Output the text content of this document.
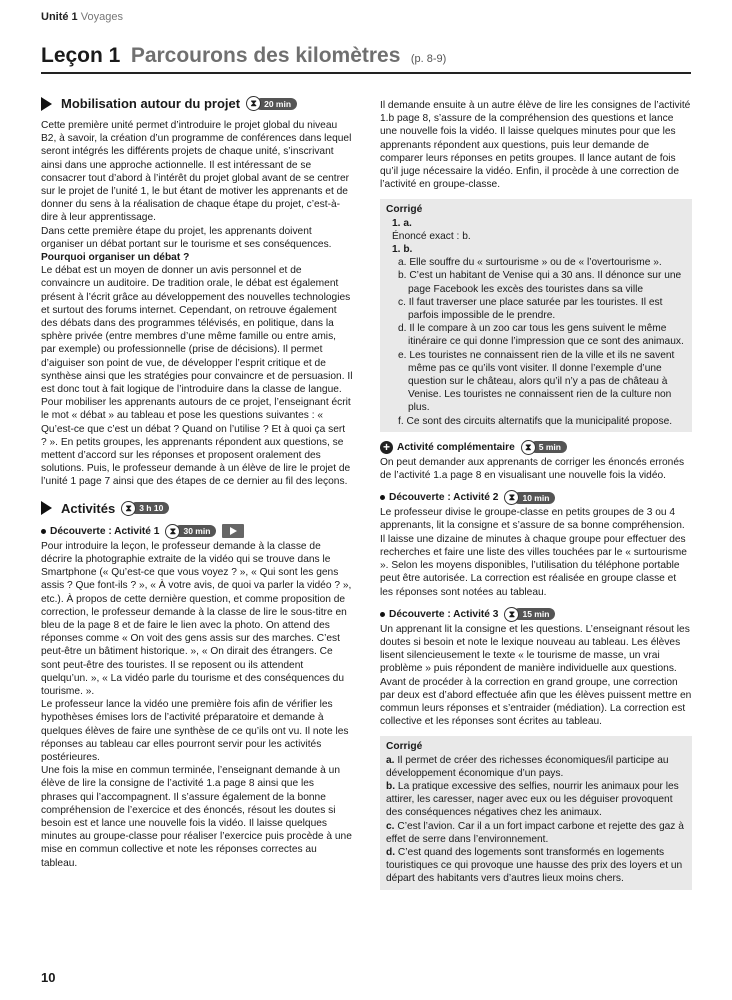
Unité 1 Voyages
Leçon 1 Parcourons des kilomètres (p. 8-9)
Mobilisation autour du projet	⧗ 20 min

Cette première unité permet d’introduire le projet global du niveau B2, à savoir, la création d’un programme de conférences dans lequel seront intégrés les différents projets de chaque unité, s’inscrivant ainsi dans une approche actionnelle. Il est intéressant de se consacrer tout d’abord à l’intérêt du projet global avant de se centrer sur le projet de l’unité 1, le but étant de motiver les apprenants et de donner du sens à la réalisation de chaque étape du projet, c’est-à-dire à leur apprentissage.

Dans cette première étape du projet, les apprenants doivent organiser un débat portant sur le tourisme et ses conséquences.

Pourquoi organiser un débat ?

Le débat est un moyen de donner un avis personnel et de convaincre un auditoire. De tradition orale, le débat est également présent à l’écrit grâce au développement des nouvelles technologies et surtout des forums internet. Cependant, on retrouve également des débats dans des programmes télévisés, en politique, dans la sphère privée (entre membres d’une même famille ou entre amis, par exemple) ou professionnelle (prise de décisions). Il permet d’aiguiser son point de vue, de développer l’esprit critique et de synthèse ainsi que les stratégies pour convaincre et de persuasion. Il est donc tout à fait logique de l’introduire dans la classe de langue.

Pour mobiliser les apprenants autours de ce projet, l’enseignant écrit le mot « débat » au tableau et pose les questions suivantes : « Qu’est-ce que c’est un débat ? Quand on l’utilise ? Et à quoi ça sert ? ». En petits groupes, les apprenants répondent aux questions, se mettent d’accord sur les réponses et proposent oralement des solutions. Puis, le professeur demande à un élève de lire le projet de l’unité 1 page 7 ainsi que des étapes de ce dernier au fil des leçons.

Activités	⧗ 3 h 10
Découverte : Activité 1	⧗ 30 min

Pour introduire la leçon, le professeur demande à la classe de décrire la photographie extraite de la vidéo qui se trouve dans le Smartphone (« Qu’est-ce que vous voyez ? », « Qui sont les gens assis ? Que font-ils ? », « À votre avis, de quoi va parler la vidéo ? », etc.). À propos de cette dernière question, et comme proposition de correction, le professeur demande à la classe de lire le sous-titre en bleu de la page 8 et de faire le lien avec la photo. On attend des réponses comme « On voit des gens assis sur des marches. C’est peut-être un bâtiment historique. », « On dirait des étrangers. Ce sont peut-être des touristes. Il se reposent ou ils attendent quelqu’un. », « La vidéo parle du tourisme et des conséquences du tourisme. ».

Le professeur lance la vidéo une première fois afin de vérifier les hypothèses émises lors de l’activité préparatoire et demande à quelques élèves de faire une synthèse de ce qu’ils ont vu. Il note les réponses au tableau car elles pourront servir pour les activités postérieures.

Une fois la mise en commun terminée, l’enseignant demande à un élève de lire la consigne de l’activité 1.a page 8 ainsi que les phrases qui l’accompagnent. Il s’assure également de la bonne compréhension de l’exercice et des énoncés, résout les doutes si besoin est et lance une nouvelle fois la vidéo. Il laisse quelques minutes au groupe-classe pour réaliser l’exercice puis procède à une mise en commun collective et note les réponses correctes au tableau.

Il demande ensuite à un autre élève de lire les consignes de l’activité 1.b page 8, s’assure de la compréhension des questions et lance une nouvelle fois la vidéo. Il laisse quelques minutes pour que les apprenants répondent aux questions, puis leur demande de comparer leurs réponses en petits groupes. Il lance autant de fois qu’il juge nécessaire la vidéo. Enfin, il procède à une correction de l’activité en groupe-classe.

Corrigé
1. a.
Énoncé exact : b.
1. b.
a. Elle souffre du « surtourisme » ou de « l’overtourisme ».
b. C’est un habitant de Venise qui a 30 ans. Il dénonce sur une page Facebook les excès des touristes dans sa ville
c. Il faut traverser une place saturée par les touristes. Il est parfois impossible de le prendre.
d. Il le compare à un zoo car tous les gens suivent le même itinéraire ce qui donne l’impression que ce sont des animaux.
e. Les touristes ne connaissent rien de la ville et ils ne savent même pas ce qu’ils vont visiter. Il donne l’exemple d’une question sur le château, alors qu’il n’y a pas de château à Venise. Les touristes ne connaissent rien de la culture non plus.
f. Ce sont des circuits alternatifs que la municipalité propose.
+ Activité complémentaire	⧗ 5 min

On peut demander aux apprenants de corriger les énoncés erronés de l’activité 1.a page 8 en visualisant une nouvelle fois la vidéo.

Découverte : Activité 2	⧗ 10 min

Le professeur divise le groupe-classe en petits groupes de 3 ou 4 apprenants, lit la consigne et s’assure de sa bonne compréhension. Il laisse une dizaine de minutes à chaque groupe pour effectuer des recherches et faire une liste des villes touchées par le « surtourisme ». Selon les moyens disponibles, l’utilisation du téléphone portable peut être autorisée. La correction est réalisée en groupe classe et les réponses sont notées au tableau.

Découverte : Activité 3	⧗ 15 min

Un apprenant lit la consigne et les questions. L’enseignant résout les doutes si besoin et note le lexique nouveau au tableau. Les élèves lisent silencieusement le texte « le tourisme de masse, un vrai problème » puis répondent de manière individuelle aux questions. Avant de procéder à la correction en grand groupe, une correction par deux est d’abord effectuée afin que les élèves puissent mettre en commun leurs réponses et s’entraider (médiation). La correction est collective et les réponses sont écrites au tableau.

Corrigé
a. Il permet de créer des richesses économiques/il participe au développement économique d’un pays.
b. La pratique excessive des selfies, nourrir les animaux pour les attirer, les caresser, nager avec eux ou les déguiser provoquent des conséquences négatives chez les animaux.
c. C’est l’avion. Car il a un fort impact carbone et rejette des gaz à effet de serre dans l’environnement.
d. C’est quand des logements sont transformés en logements touristiques ce qui provoque une hausse des prix des loyers et un départ des habitants vers d’autres lieux moins chers.
10
